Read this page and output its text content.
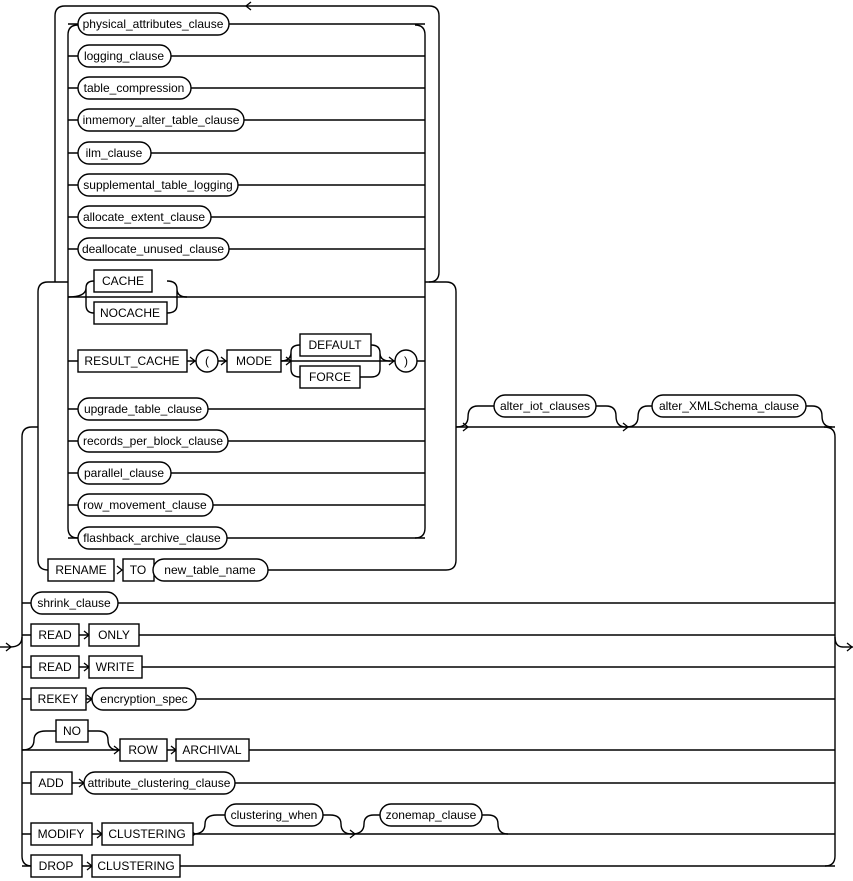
physical_attributes_clause
logging_clause
table_compression
inmemory_alter_table_clause
ilm_clause
supplemental_table_logging
allocate_extent_clause
deallocate_unused_clause
CACHE
NOCACHE
RESULT_CACHE ( MODE
DEFAULT
FORCE
)
upgrade_table_clause
records_per_block_clause
parallel_clause
row_movement_clause
flashback_archive_clause
RENAME TO new_table_name
alter_iot_clauses	alter_XMLSchema_clause
shrink_clause
READ ONLY
READ WRITE
REKEY encryption_spec
NO
ROW ARCHIVAL
ADD attribute_clustering_clause
MODIFY CLUSTERING
clustering_when	zonemap_clause
DROP CLUSTERING
